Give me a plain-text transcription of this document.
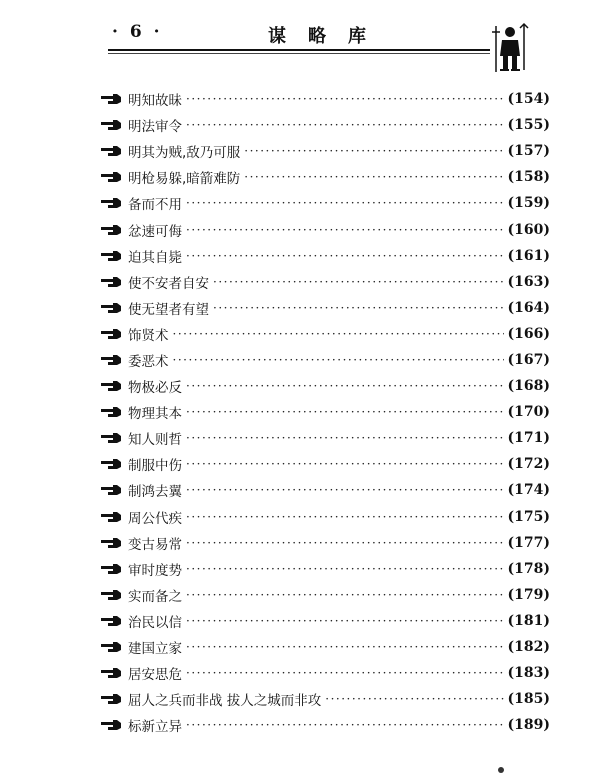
· 6 ·	谋略库
明知故昧 ·····	(154)
明法审令 ·····	(155)
明其为贼,敌乃可服 ·····	(157)
明枪易躲,暗箭难防 ·····	(158)
备而不用 ·····	(159)
忿速可侮 ·····	(160)
迫其自毙 ·····	(161)
使不安者自安 ·····	(163)
使无望者有望 ·····	(164)
饰贤术 ·····	(166)
委恶术 ·····	(167)
物极必反 ·····	(168)
物理其本 ·····	(170)
知人则哲 ·····	(171)
制服中伤 ·····	(172)
制鸿去翼 ·····	(174)
周公代疾 ·····	(175)
变古易常 ·····	(177)
审时度势 ·····	(178)
实而备之 ·····	(179)
治民以信 ·····	(181)
建国立家 ·····	(182)
居安思危 ·····	(183)
屈人之兵而非战 拔人之城而非攻 ·····	(185)
标新立异 ·····	(189)
